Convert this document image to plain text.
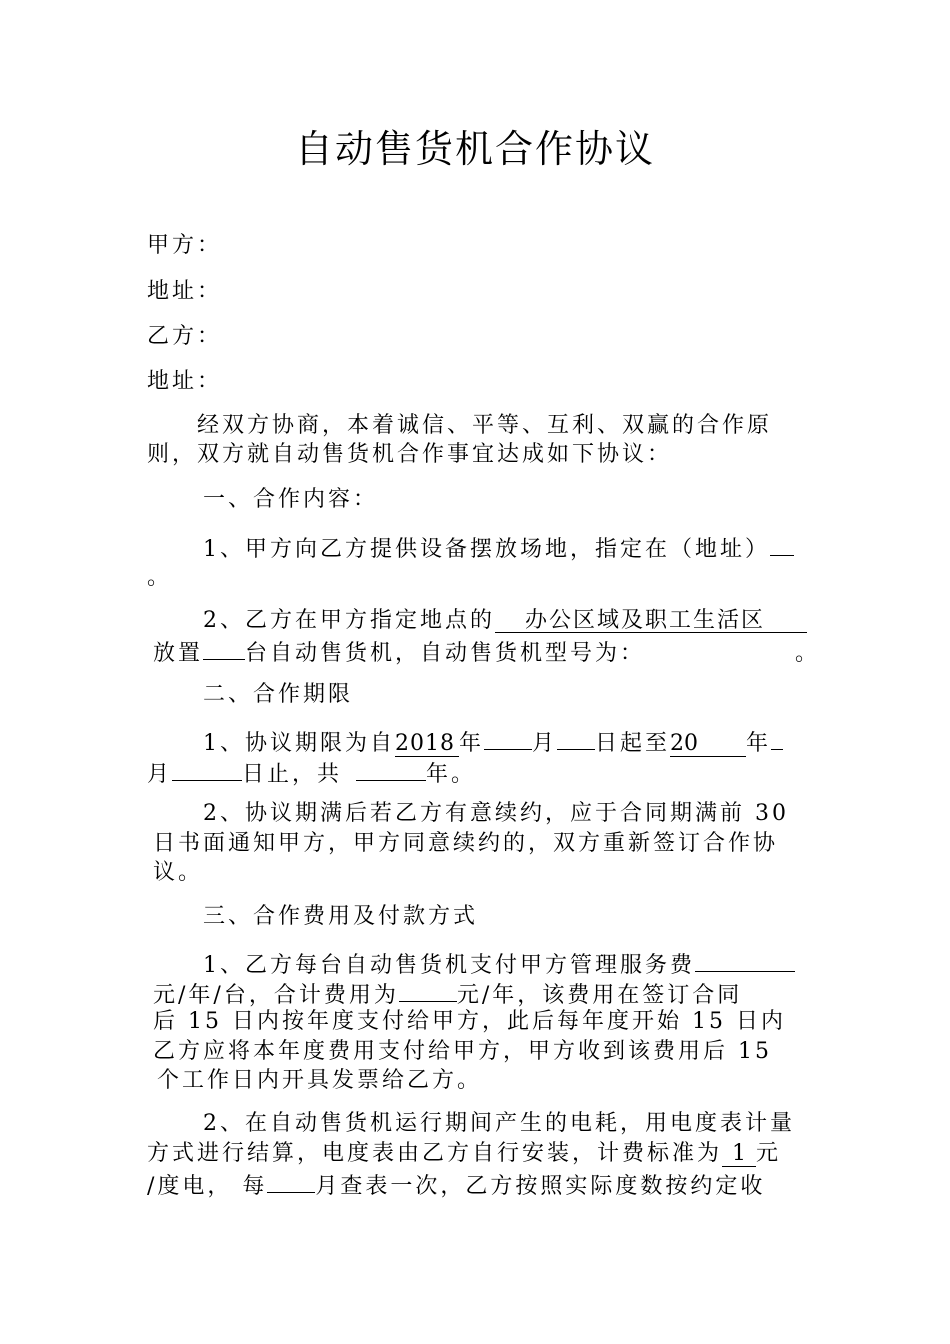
自动售货机合作协议
甲方：
地址：
乙方：
地址：
经双方协商，本着诚信、平等、互利、双赢的合作原
则，双方就自动售货机合作事宜达成如下协议：
一、合作内容：
1、甲方向乙方提供设备摆放场地，指定在（地址）
。
2、乙方在甲方指定地点的 办公区域及职工生活区
放置 台自动售货机，自动售货机型号为：	。
二、合作期限
1、协议期限为自2018 年 月 日起至20 年
月	日止，共	年。
2、协议期满后若乙方有意续约，应于合同期满前 30
日书面通知甲方，甲方同意续约的，双方重新签订合作协
议。
三、合作费用及付款方式
1、乙方每台自动售货机支付甲方管理服务费
元/年/台，合计费用为	元/年，该费用在签订合同
后 15 日内按年度支付给甲方，此后每年度开始 15 日内
乙方应将本年度费用支付给甲方，甲方收到该费用后 15
个工作日内开具发票给乙方。
2、在自动售货机运行期间产生的电耗，用电度表计量
方式进行结算，电度表由乙方自行安装，计费标准为 1 元
/度电， 每 月查表一次，乙方按照实际度数按约定收
